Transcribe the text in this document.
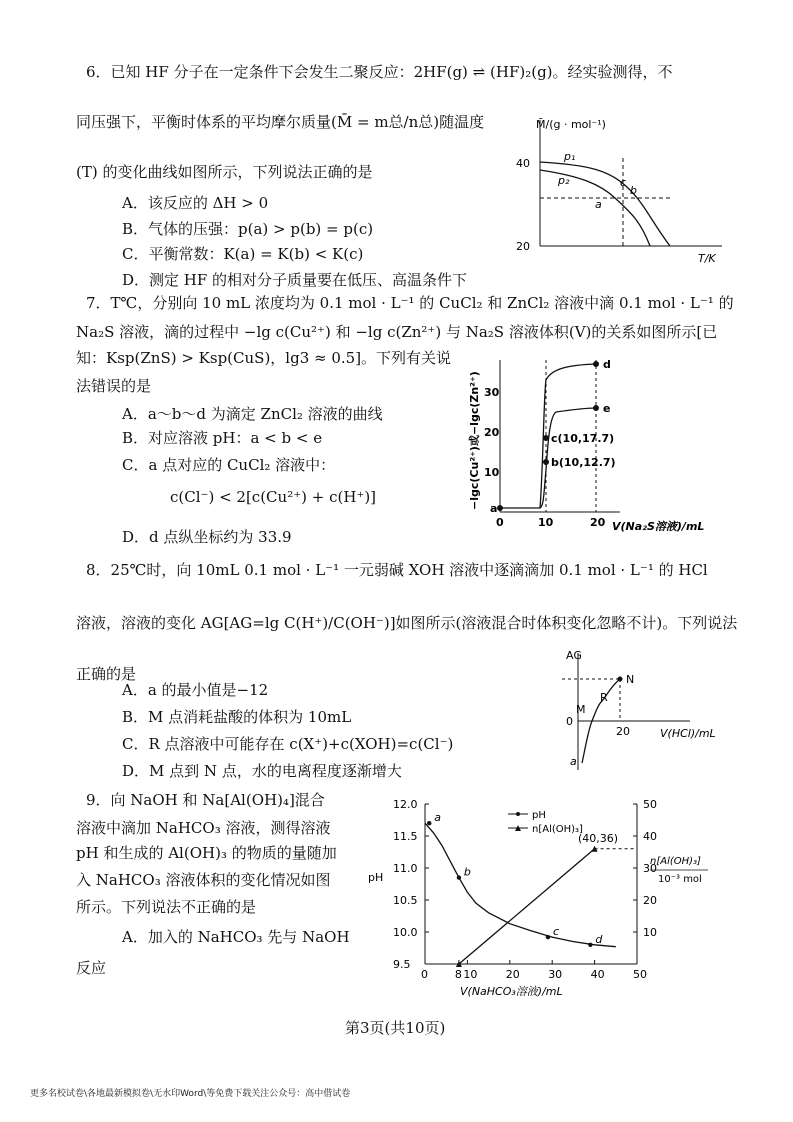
6．已知 HF 分子在一定条件下会发生二聚反应：2HF(g) ⇌ (HF)₂(g)。经实验测得，不
同压强下，平衡时体系的平均摩尔质量(M̄ = m总/n总)随温度
(T) 的变化曲线如图所示，下列说法正确的是
A．该反应的 ΔH > 0
B．气体的压强：p(a) > p(b) = p(c)
C．平衡常数：K(a) = K(b) < K(c)
D．测定 HF 的相对分子质量要在低压、高温条件下
M̄/(g · mol⁻¹)
40
20
T/K
p₁
p₂
a
b
c
7．T℃，分别向 10 mL 浓度均为 0.1 mol · L⁻¹ 的 CuCl₂ 和 ZnCl₂ 溶液中滴 0.1 mol · L⁻¹ 的
Na₂S 溶液，滴的过程中 −lg c(Cu²⁺) 和 −lg c(Zn²⁺) 与 Na₂S 溶液体积(V)的关系如图所示[已
知：Ksp(ZnS) > Ksp(CuS)，lg3 ≈ 0.5]。下列有关说
法错误的是
A．a～b～d 为滴定 ZnCl₂ 溶液的曲线
B．对应溶液 pH：a < b < e
C．a 点对应的 CuCl₂ 溶液中：
c(Cl⁻) < 2[c(Cu²⁺) + c(H⁺)]
D．d 点纵坐标约为 33.9
−lgc(Cu²⁺)或−lgc(Zn²⁺) 30
20
10
0	10	20 V(Na₂S溶液)/mL
a
b(10,12.7)
c(10,17.7)
d
e
8．25℃时，向 10mL 0.1 mol · L⁻¹ 一元弱碱 XOH 溶液中逐滴滴加 0.1 mol · L⁻¹ 的 HCl
溶液，溶液的变化 AG[AG=lg C(H⁺)/C(OH⁻)]如图所示(溶液混合时体积变化忽略不计)。下列说法
正确的是
A．a 的最小值是−12
B．M 点消耗盐酸的体积为 10mL
C．R 点溶液中可能存在 c(X⁺)+c(XOH)=c(Cl⁻)
D．M 点到 N 点，水的电离程度逐渐增大
AG
0
20	V(HCl)/mL
a
M
R
N
9．向 NaOH 和 Na[Al(OH)₄]混合
溶液中滴加 NaHCO₃ 溶液，测得溶液
pH 和生成的 Al(OH)₃ 的物质的量随加
入 NaHCO₃ 溶液体积的变化情况如图
所示。下列说法不正确的是
A．加入的 NaHCO₃ 先与 NaOH
反应	9.5
10.0
10.5
11.0
11.5
12.0
10
20
30
40
50
0 8 10	20	30	40	50
a
b
c
d
pH
V(NaHCO₃溶液)/mL
n[Al(OH)₃]
10⁻³ mol
pH
n[Al(OH)₃]
(40,36)
第3页(共10页)
更多名校试卷\各地最新模拟卷\无水印Word\等免费下载关注公众号：高中借试卷
